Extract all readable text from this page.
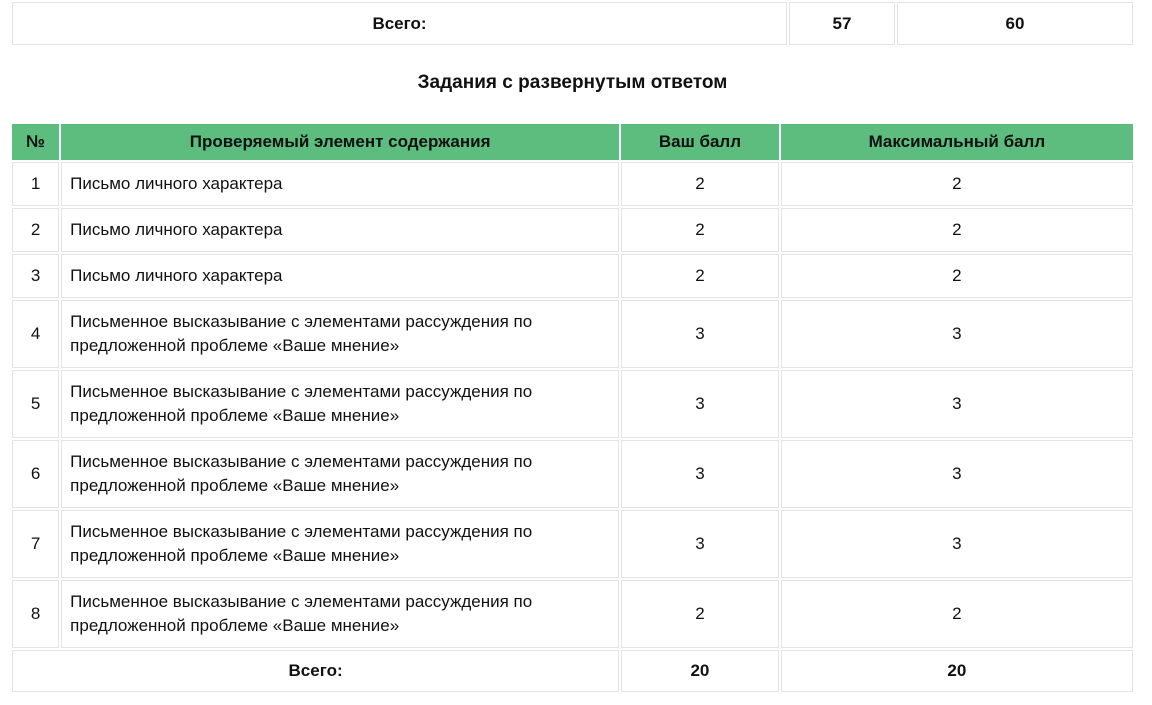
Всего:	57	60
Задания с развернутым ответом
№	Проверяемый элемент содержания	Ваш балл	Максимальный балл
1	Письмо личного характера	2	2
2	Письмо личного характера	2	2
3	Письмо личного характера	2	2
4	Письменное высказывание с элементами рассуждения по предложенной проблеме «Ваше мнение»	3	3
5	Письменное высказывание с элементами рассуждения по предложенной проблеме «Ваше мнение»	3	3
6	Письменное высказывание с элементами рассуждения по предложенной проблеме «Ваше мнение»	3	3
7	Письменное высказывание с элементами рассуждения по предложенной проблеме «Ваше мнение»	3	3
8	Письменное высказывание с элементами рассуждения по предложенной проблеме «Ваше мнение»	2	2
Всего:		20	20
